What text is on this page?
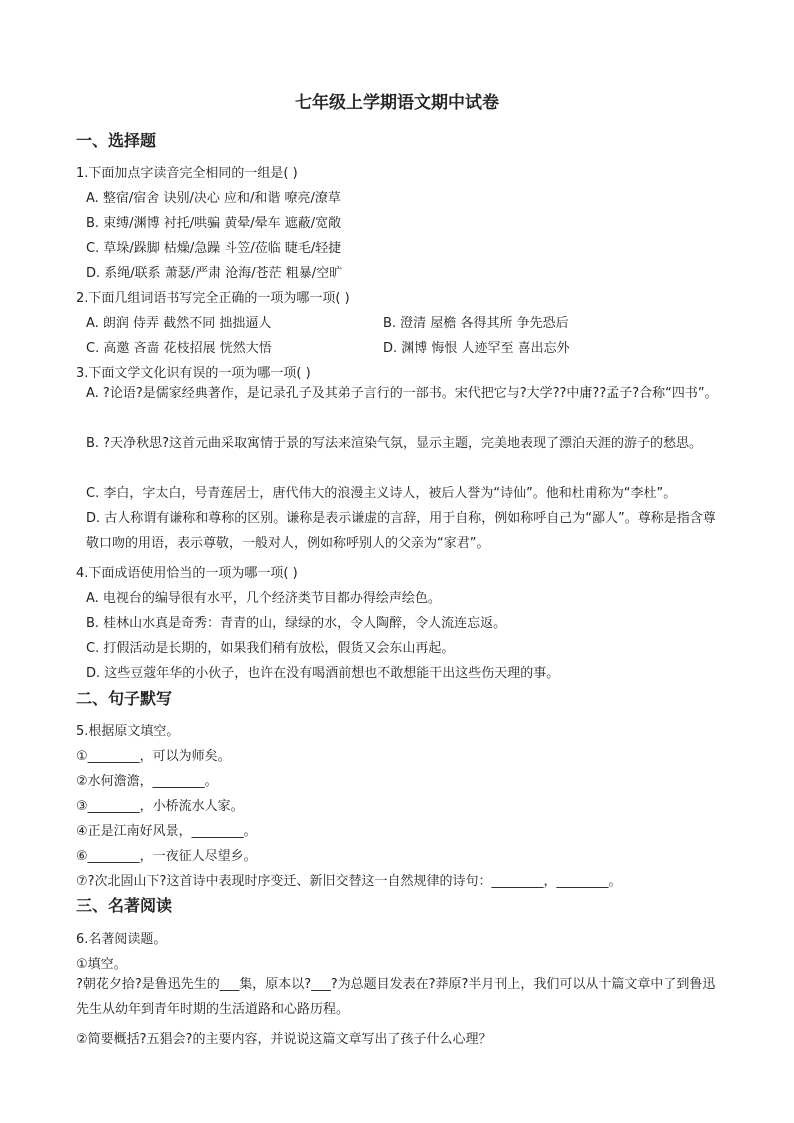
七年级上学期语文期中试卷
一、选择题
1.下面加点字读音完全相同的一组是( )
A. 整宿/宿舍 诀别/决心 应和/和谐 嘹亮/潦草
B. 束缚/渊博 衬托/哄骗 黄晕/晕车 遮蔽/宽敞
C. 草垛/跺脚 枯燥/急躁 斗笠/莅临 睫毛/轻捷
D. 系绳/联系 萧瑟/严肃 沧海/苍茫 粗暴/空旷
2.下面几组词语书写完全正确的一项为哪一项( )
A. 朗润 侍弄 截然不同 拙拙逼人	B. 澄清 屋檐 各得其所 争先恐后
C. 高邀 吝啬 花枝招展 恍然大悟	D. 渊博 悔恨 人迹罕至 喜出忘外
3.下面文学文化识有误的一项为哪一项( )
A. ?论语?是儒家经典著作，是记录孔子及其弟子言行的一部书。宋代把它与?大学??中庸??孟子?合称“四书”。
B. ?天净秋思?这首元曲采取寓情于景的写法来渲染气氛，显示主题，完美地表现了漂泊天涯的游子的愁思。
C. 李白，字太白，号青莲居士，唐代伟大的浪漫主义诗人，被后人誉为“诗仙”。他和杜甫称为“李杜”。
D. 古人称谓有谦称和尊称的区别。谦称是表示谦虚的言辞，用于自称，例如称呼自己为“鄙人”。尊称是指含尊敬口吻的用语，表示尊敬，一般对人，例如称呼别人的父亲为“家君”。
4.下面成语使用恰当的一项为哪一项( )
A. 电视台的编导很有水平，几个经济类节目都办得绘声绘色。
B. 桂林山水真是奇秀：青青的山，绿绿的水，令人陶醉，令人流连忘返。
C. 打假活动是长期的，如果我们稍有放松，假货又会东山再起。
D. 这些豆蔻年华的小伙子，也许在没有喝酒前想也不敢想能干出这些伤天理的事。
二、句子默写
5.根据原文填空。
①________，可以为师矣。
②水何澹澹，________。
③________，小桥流水人家。
④正是江南好风景，________。
⑥________，一夜征人尽望乡。
⑦?次北固山下?这首诗中表现时序变迁、新旧交替这一自然规律的诗句：________，________。
三、名著阅读
6.名著阅读题。
①填空。
?朝花夕拾?是鲁迅先生的___集，原本以?___?为总题目发表在?莽原?半月刊上，我们可以从十篇文章中了到鲁迅先生从幼年到青年时期的生活道路和心路历程。
②简要概括?五猖会?的主要内容，并说说这篇文章写出了孩子什么心理？
